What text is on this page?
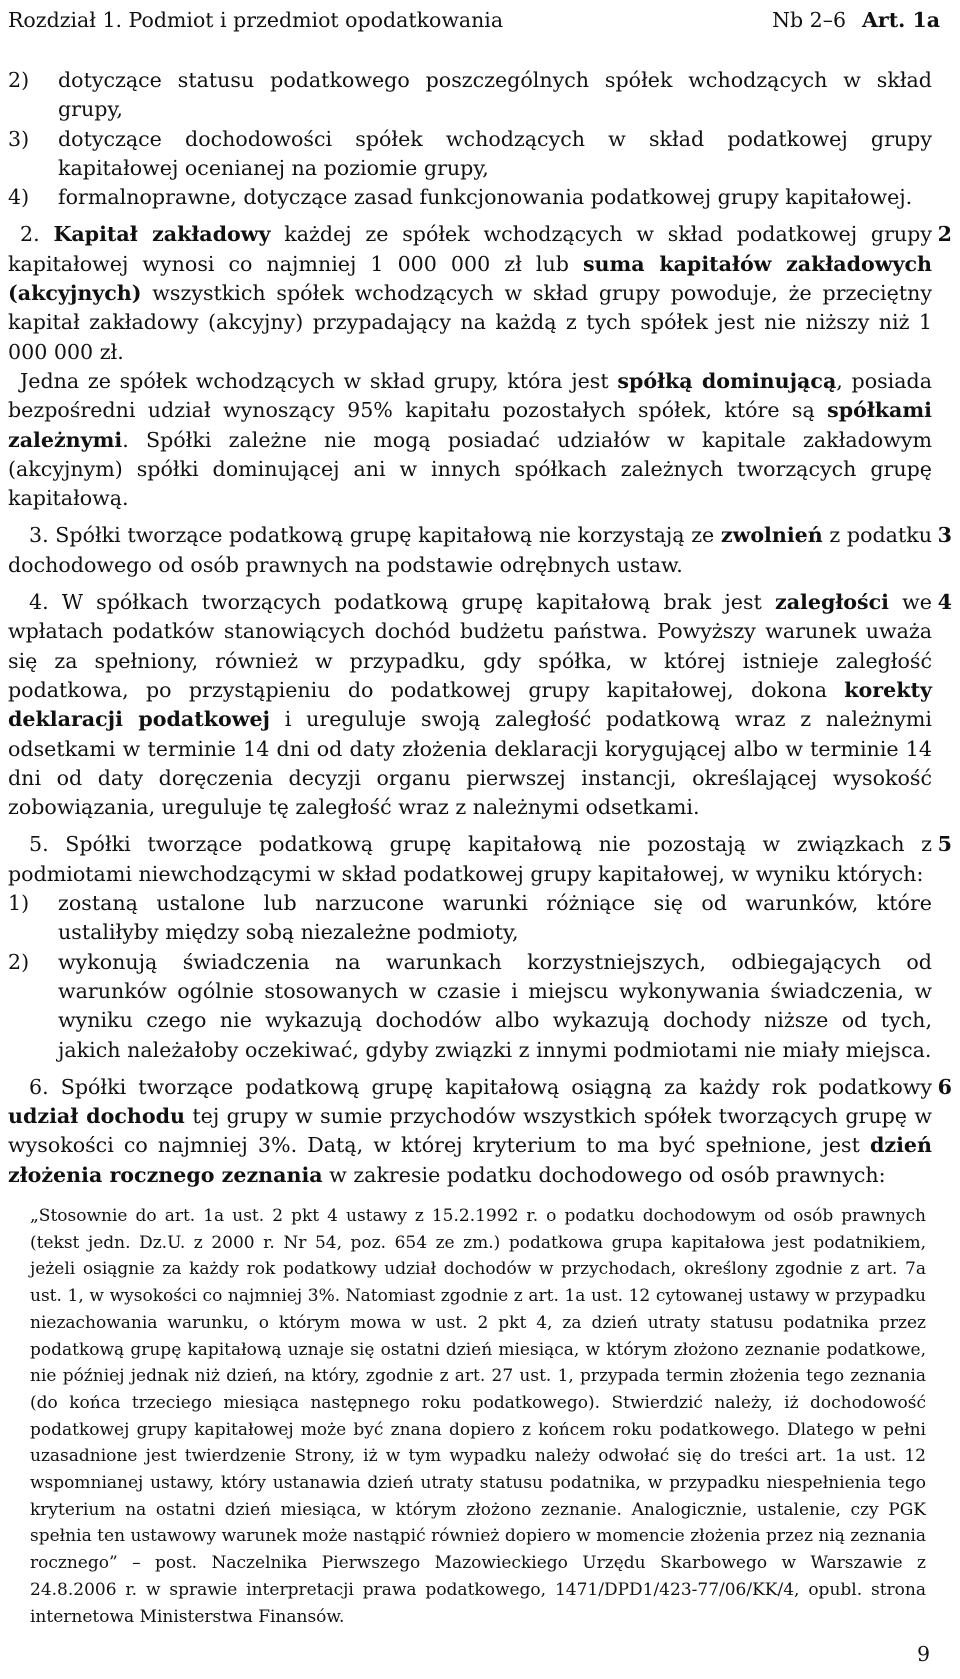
Rozdział 1. Podmiot i przedmiot opodatkowania	Nb 2–6 Art. 1a

2) dotyczące statusu podatkowego poszczególnych spółek wchodzących w skład grupy,

3) dotyczące dochodowości spółek wchodzących w skład podatkowej grupy kapitałowej ocenianej na poziomie grupy,

4) formalnoprawne, dotyczące zasad funkcjonowania podatkowej grupy kapitałowej.

2
2. Kapitał zakładowy każdej ze spółek wchodzących w skład podatkowej grupy kapitałowej wynosi co najmniej 1 000 000 zł lub suma kapitałów zakładowych (akcyjnych) wszystkich spółek wchodzących w skład grupy powoduje, że przeciętny kapitał zakładowy (akcyjny) przypadający na każdą z tych spółek jest nie niższy niż 1 000 000 zł.

Jedna ze spółek wchodzących w skład grupy, która jest spółką dominującą, posiada bezpośredni udział wynoszący 95% kapitału pozostałych spółek, które są spółkami zależnymi. Spółki zależne nie mogą posiadać udziałów w kapitale zakładowym (akcyjnym) spółki dominującej ani w innych spółkach zależnych tworzących grupę kapitałową.

3
3. Spółki tworzące podatkową grupę kapitałową nie korzystają ze zwolnień z podatku dochodowego od osób prawnych na podstawie odrębnych ustaw.

4
4. W spółkach tworzących podatkową grupę kapitałową brak jest zaległości we wpłatach podatków stanowiących dochód budżetu państwa. Powyższy warunek uważa się za spełniony, również w przypadku, gdy spółka, w której istnieje zaległość podatkowa, po przystąpieniu do podatkowej grupy kapitałowej, dokona korekty deklaracji podatkowej i ureguluje swoją zaległość podatkową wraz z należnymi odsetkami w terminie 14 dni od daty złożenia deklaracji korygującej albo w terminie 14 dni od daty doręczenia decyzji organu pierwszej instancji, określającej wysokość zobowiązania, ureguluje tę zaległość wraz z należnymi odsetkami.

5
5. Spółki tworzące podatkową grupę kapitałową nie pozostają w związkach z podmiotami niewchodzącymi w skład podatkowej grupy kapitałowej, w wyniku których:

1) zostaną ustalone lub narzucone warunki różniące się od warunków, które ustaliłyby między sobą niezależne podmioty,

2) wykonują świadczenia na warunkach korzystniejszych, odbiegających od warunków ogólnie stosowanych w czasie i miejscu wykonywania świadczenia, w wyniku czego nie wykazują dochodów albo wykazują dochody niższe od tych, jakich należałoby oczekiwać, gdyby związki z innymi podmiotami nie miały miejsca.

6
6. Spółki tworzące podatkową grupę kapitałową osiągną za każdy rok podatkowy udział dochodu tej grupy w sumie przychodów wszystkich spółek tworzących grupę w wysokości co najmniej 3%. Datą, w której kryterium to ma być spełnione, jest dzień złożenia rocznego zeznania w zakresie podatku dochodowego od osób prawnych:

„Stosownie do art. 1a ust. 2 pkt 4 ustawy z 15.2.1992 r. o podatku dochodowym od osób prawnych (tekst jedn. Dz.U. z 2000 r. Nr 54, poz. 654 ze zm.) podatkowa grupa kapitałowa jest podatnikiem, jeżeli osiągnie za każdy rok podatkowy udział dochodów w przychodach, określony zgodnie z art. 7a ust. 1, w wysokości co najmniej 3%. Natomiast zgodnie z art. 1a ust. 12 cytowanej ustawy w przypadku niezachowania warunku, o którym mowa w ust. 2 pkt 4, za dzień utraty statusu podatnika przez podatkową grupę kapitałową uznaje się ostatni dzień miesiąca, w którym złożono zeznanie podatkowe, nie później jednak niż dzień, na który, zgodnie z art. 27 ust. 1, przypada termin złożenia tego zeznania (do końca trzeciego miesiąca następnego roku podatkowego). Stwierdzić należy, iż dochodowość podatkowej grupy kapitałowej może być znana dopiero z końcem roku podatkowego. Dlatego w pełni uzasadnione jest twierdzenie Strony, iż w tym wypadku należy odwołać się do treści art. 1a ust. 12 wspomnianej ustawy, który ustanawia dzień utraty statusu podatnika, w przypadku niespełnienia tego kryterium na ostatni dzień miesiąca, w którym złożono zeznanie. Analogicznie, ustalenie, czy PGK spełnia ten ustawowy warunek może nastąpić również dopiero w momencie złożenia przez nią zeznania rocznego” – post. Naczelnika Pierwszego Mazowieckiego Urzędu Skarbowego w Warszawie z 24.8.2006 r. w sprawie interpretacji prawa podatkowego, 1471/DPD1/423-77/06/KK/4, opubl. strona internetowa Ministerstwa Finansów.

9
